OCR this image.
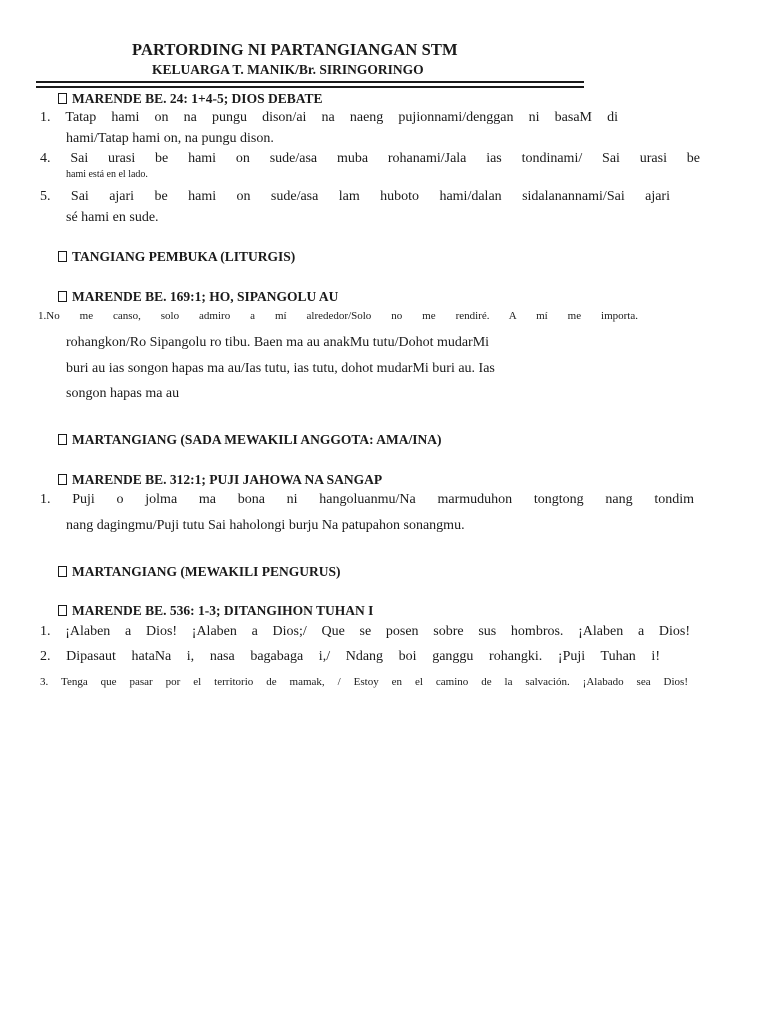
PARTORDING NI PARTANGIANGAN STM
KELUARGA T. MANIK/Br. SIRINGORINGO
MARENDE BE. 24: 1+4-5; DIOS DEBATE
1. Tatap hami on na pungu dison/ai na naeng pujionnami/denggan ni basaM di
hami/Tatap hami on, na pungu dison.
4. Sai urasi be hami on sude/asa muba rohanami/Jala ias tondinami/ Sai urasi be
hami está en el lado.
5. Sai ajari be hami on sude/asa lam huboto hami/dalan sidalanannami/Sai ajari
sé hami en sude.
TANGIANG PEMBUKA (LITURGIS)
MARENDE BE. 169:1; HO, SIPANGOLU AU
1.No me canso, solo admiro a mí alrededor/Solo no me rendiré. A mí me importa.
rohangkon/Ro Sipangolu ro tibu. Baen ma au anakMu tutu/Dohot mudarMi
buri au ias songon hapas ma au/Ias tutu, ias tutu, dohot mudarMi buri au. Ias
songon hapas ma au
MARTANGIANG (SADA MEWAKILI ANGGOTA: AMA/INA)
MARENDE BE. 312:1; PUJI JAHOWA NA SANGAP
1. Puji o jolma ma bona ni hangoluanmu/Na marmuduhon tongtong nang tondim
nang dagingmu/Puji tutu Sai haholongi burju Na patupahon sonangmu.
MARTANGIANG (MEWAKILI PENGURUS)
MARENDE BE. 536: 1-3; DITANGIHON TUHAN I
1. ¡Alaben a Dios! ¡Alaben a Dios;/ Que se posen sobre sus hombros. ¡Alaben a Dios!
2. Dipasaut hataNa i, nasa bagabaga i,/ Ndang boi ganggu rohangki. ¡Puji Tuhan i!
3. Tenga que pasar por el territorio de mamak, / Estoy en el camino de la salvación. ¡Alabado sea Dios!
